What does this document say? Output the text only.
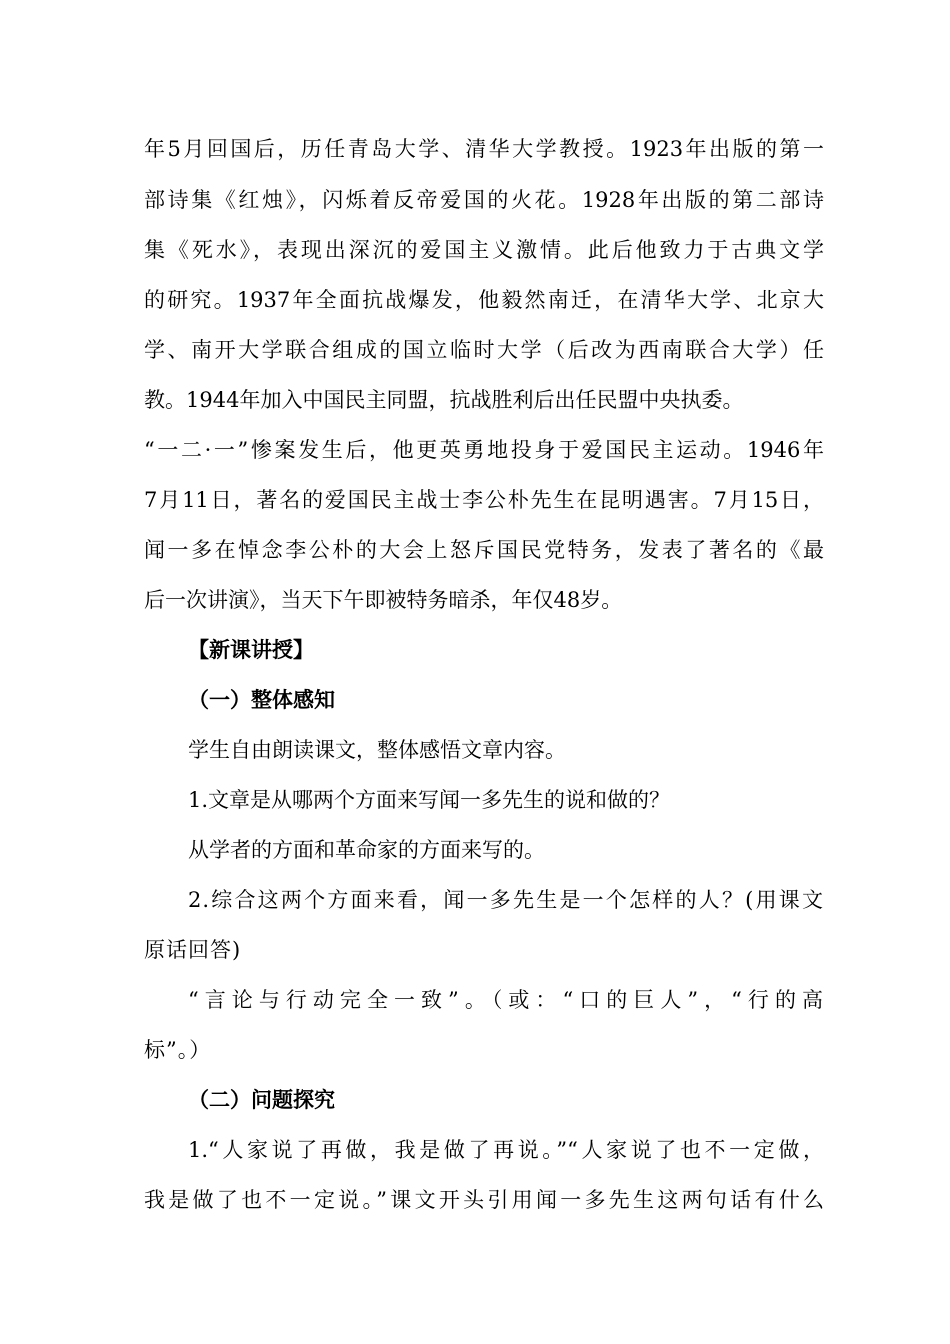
年5月回国后，历任青岛大学、清华大学教授。1923年出版的第一
部诗集《红烛》，闪烁着反帝爱国的火花。1928年出版的第二部诗
集《死水》，表现出深沉的爱国主义激情。此后他致力于古典文学
的研究。1937年全面抗战爆发，他毅然南迁，在清华大学、北京大
学、南开大学联合组成的国立临时大学（后改为西南联合大学）任
教。1944年加入中国民主同盟，抗战胜利后出任民盟中央执委。
“一二·一”惨案发生后，他更英勇地投身于爱国民主运动。1946年
7月11日，著名的爱国民主战士李公朴先生在昆明遇害。7月15日，
闻一多在悼念李公朴的大会上怒斥国民党特务，发表了著名的《最
后一次讲演》，当天下午即被特务暗杀，年仅48岁。
【新课讲授】
（一）整体感知
学生自由朗读课文，整体感悟文章内容。
1.文章是从哪两个方面来写闻一多先生的说和做的？
从学者的方面和革命家的方面来写的。
2.综合这两个方面来看，闻一多先生是一个怎样的人？(用课文
原话回答)
“言论与行动完全一致”。（或：“口的巨人”，“行的高
标”。）
（二）问题探究
1.“人家说了再做，我是做了再说。”“人家说了也不一定做，
我是做了也不一定说。”课文开头引用闻一多先生这两句话有什么
